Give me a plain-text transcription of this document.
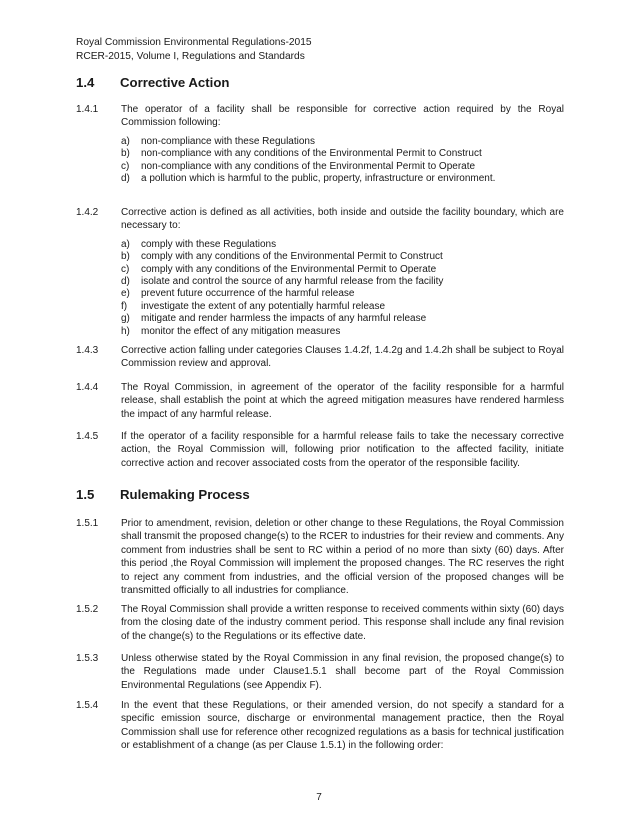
Royal Commission Environmental Regulations-2015
RCER-2015, Volume I, Regulations and Standards
1.4 Corrective Action
1.4.1 The operator of a facility shall be responsible for corrective action required by the Royal Commission following:
a) non-compliance with these Regulations
b) non-compliance with any conditions of the Environmental Permit to Construct
c) non-compliance with any conditions of the Environmental Permit to Operate
d) a pollution which is harmful to the public, property, infrastructure or environment.
1.4.2 Corrective action is defined as all activities, both inside and outside the facility boundary, which are necessary to:
a) comply with these Regulations
b) comply with any conditions of the Environmental Permit to Construct
c) comply with any conditions of the Environmental Permit to Operate
d) isolate and control the source of any harmful release from the facility
e) prevent future occurrence of the harmful release
f) investigate the extent of any potentially harmful release
g) mitigate and render harmless the impacts of any harmful release
h) monitor the effect of any mitigation measures
1.4.3 Corrective action falling under categories Clauses 1.4.2f, 1.4.2g and 1.4.2h shall be subject to Royal Commission review and approval.
1.4.4 The Royal Commission, in agreement of the operator of the facility responsible for a harmful release, shall establish the point at which the agreed mitigation measures have rendered harmless the impact of any harmful release.
1.4.5 If the operator of a facility responsible for a harmful release fails to take the necessary corrective action, the Royal Commission will, following prior notification to the affected facility, initiate corrective action and recover associated costs from the operator of the responsible facility.
1.5 Rulemaking Process
1.5.1 Prior to amendment, revision, deletion or other change to these Regulations, the Royal Commission shall transmit the proposed change(s) to the RCER to industries for their review and comments. Any comment from industries shall be sent to RC within a period of no more than sixty (60) days. After this period ,the Royal Commission will implement the proposed changes. The RC reserves the right to reject any comment from industries, and the official version of the proposed changes will be transmitted officially to all industries for compliance.
1.5.2 The Royal Commission shall provide a written response to received comments within sixty (60) days from the closing date of the industry comment period. This response shall include any final revision of the change(s) to the Regulations or its effective date.
1.5.3 Unless otherwise stated by the Royal Commission in any final revision, the proposed change(s) to the Regulations made under Clause1.5.1 shall become part of the Royal Commission Environmental Regulations (see Appendix F).
1.5.4 In the event that these Regulations, or their amended version, do not specify a standard for a specific emission source, discharge or environmental management practice, then the Royal Commission shall use for reference other recognized regulations as a basis for technical justification or establishment of a change (as per Clause 1.5.1) in the following order:
7
